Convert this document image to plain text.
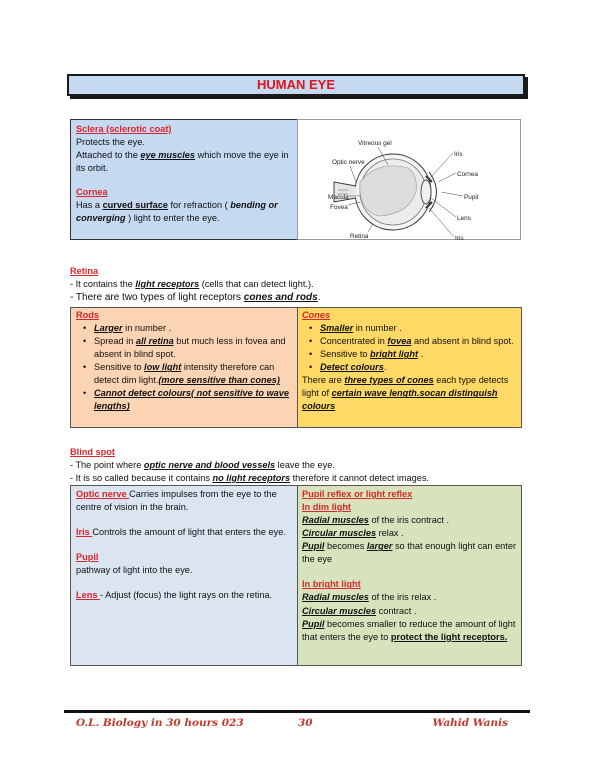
HUMAN EYE
Sclera (sclerotic coat)
Protects the eye.
Attached to the eye muscles which move the eye in its orbit.
Cornea
Has a curved surface for refraction ( bending or converging ) light to enter the eye.
Vitreous gel
Optic nerve
Macula
Fovea
Retina
Iris
Cornea
Pupil
Lens
Iris
Retina
- It contains the light receptors (cells that can detect light.).
- There are two types of light receptors cones and rods.
Rods
• Larger in number .
• Spread in all retina but much less in fovea and absent in blind spot.
• Sensitive to low light intensity therefore can detect dim light.(more sensitive than cones)
• Cannot detect colours( not sensitive to wave lengths)
Cones
• Smaller in number .
• Concentrated in fovea and absent in blind spot.
• Sensitive to bright light .
• Detect colours.
There are three types of cones each type detects light of certain wave length.socan distinguish colours
Blind spot
- The point where optic nerve and blood vessels leave the eye.
- It is so called because it contains no light receptors therefore it cannot detect images.
Optic nerve Carries impulses from the eye to the centre of vision in the brain.
Iris Controls the amount of light that enters the eye.
Pupil
pathway of light into the eye.
Lens - Adjust (focus) the light rays on the retina.
Pupil reflex or light reflex
In dim light
Radial muscles of the iris contract .
Circular muscles relax .
Pupil becomes larger so that enough light can enter the eye
In bright light
Radial muscles of the iris relax .
Circular muscles contract .
Pupil becomes smaller to reduce the amount of light that enters the eye to protect the light receptors.
O.L. Biology in 30 hours 023	30	Wahid Wanis
